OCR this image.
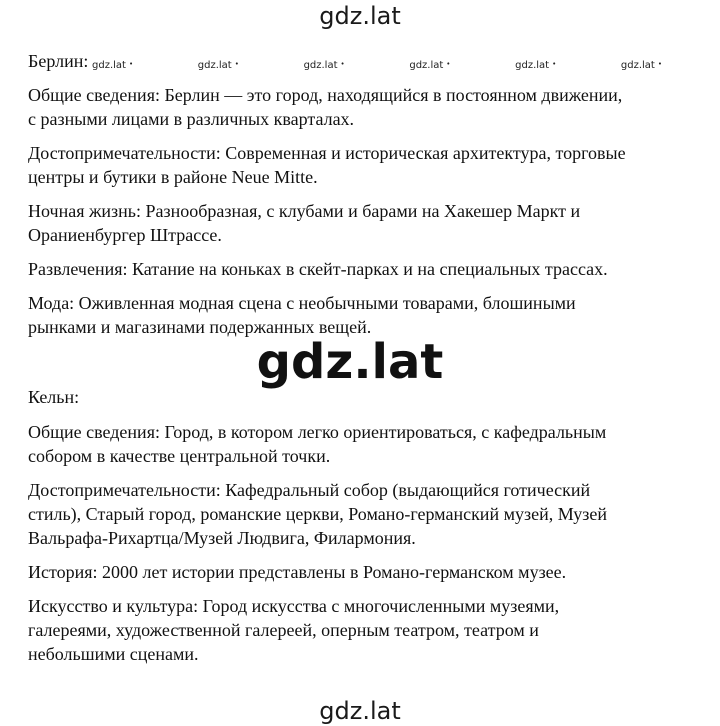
gdz.lat
Берлин: gdz.lat •	gdz.lat •	gdz.lat •	gdz.lat •	gdz.lat •	gdz.lat •
Общие сведения: Берлин — это город, находящийся в постоянном движении,
с разными лицами в различных кварталах.
Достопримечательности: Современная и историческая архитектура, торговые
центры и бутики в районе Neue Mitte.
Ночная жизнь: Разнообразная, с клубами и барами на Хакешер Маркт и
Ораниенбургер Штрассе.
Развлечения: Катание на коньках в скейт-парках и на специальных трассах.
Мода: Оживленная модная сцена с необычными товарами, блошиными
рынками и магазинами подержанных вещей.
gdz.lat
Кельн:
Общие сведения: Город, в котором легко ориентироваться, с кафедральным
собором в качестве центральной точки.
Достопримечательности: Кафедральный собор (выдающийся готический
стиль), Старый город, романские церкви, Романо-германский музей, Музей
Вальрафа-Рихартца/Музей Людвига, Филармония.
История: 2000 лет истории представлены в Романо-германском музее.
Искусство и культура: Город искусства с многочисленными музеями,
галереями, художественной галереей, оперным театром, театром и
небольшими сценами.
gdz.lat
